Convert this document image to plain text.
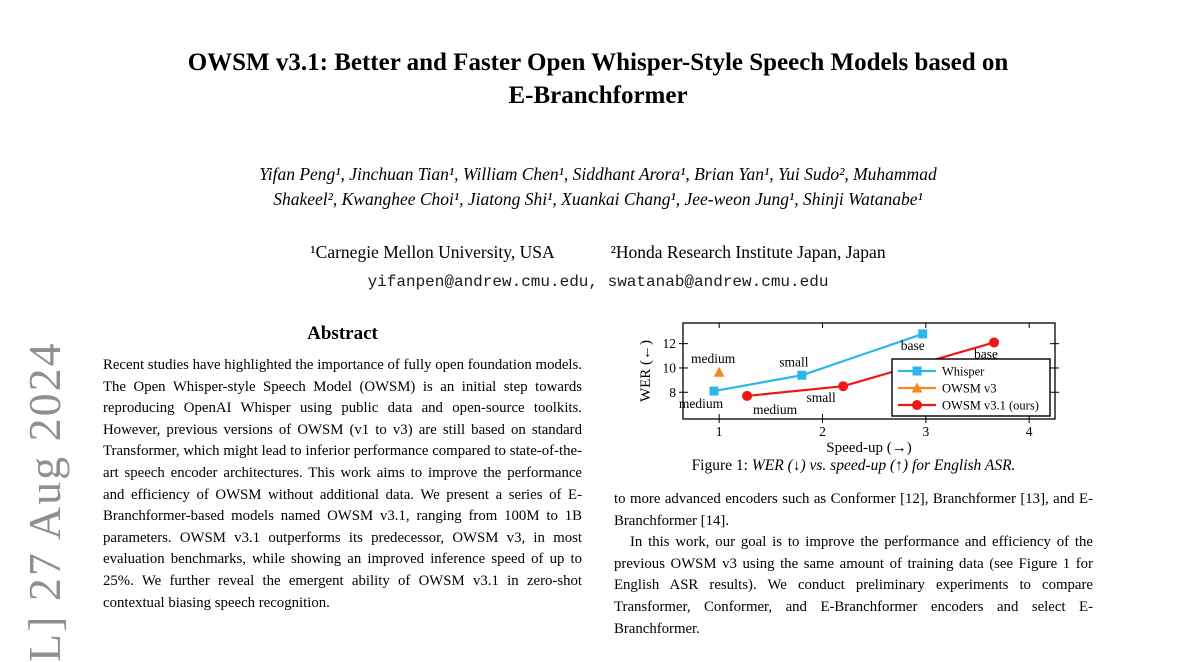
L] 27 Aug 2024
OWSM v3.1: Better and Faster Open Whisper-Style Speech Models based on
E-Branchformer
Yifan Peng¹, Jinchuan Tian¹, William Chen¹, Siddhant Arora¹, Brian Yan¹, Yui Sudo², Muhammad
Shakeel², Kwanghee Choi¹, Jiatong Shi¹, Xuankai Chang¹, Jee-weon Jung¹, Shinji Watanabe¹
¹Carnegie Mellon University, USA	²Honda Research Institute Japan, Japan
yifanpen@andrew.cmu.edu, swatanab@andrew.cmu.edu
Abstract
Recent studies have highlighted the importance of fully open foundation models. The Open Whisper-style Speech Model (OWSM) is an initial step towards reproducing OpenAI Whisper using public data and open-source toolkits. However, previous versions of OWSM (v1 to v3) are still based on standard Transformer, which might lead to inferior performance compared to state-of-the-art speech encoder architectures. This work aims to improve the performance and efficiency of OWSM without additional data. We present a series of E-Branchformer-based models named OWSM v3.1, ranging from 100M to 1B parameters. OWSM v3.1 outperforms its predecessor, OWSM v3, in most evaluation benchmarks, while showing an improved inference speed of up to 25%. We further reveal the emergent ability of OWSM v3.1 in zero-shot contextual biasing speech recognition.
1	2	3	4
8
10
12
Whisper
OWSM v3
OWSM v3.1 (ours)
medium
small
base
medium
medium
small
base
Speed-up (→)
WER (←)
Figure 1: WER (↓) vs. speed-up (↑) for English ASR.

to more advanced encoders such as Conformer [12], Branchformer [13], and E-Branchformer [14].

In this work, our goal is to improve the performance and efficiency of the previous OWSM v3 using the same amount of training data (see Figure 1 for English ASR results). We conduct preliminary experiments to compare Transformer, Conformer, and E-Branchformer encoders and select E-Branchformer.
